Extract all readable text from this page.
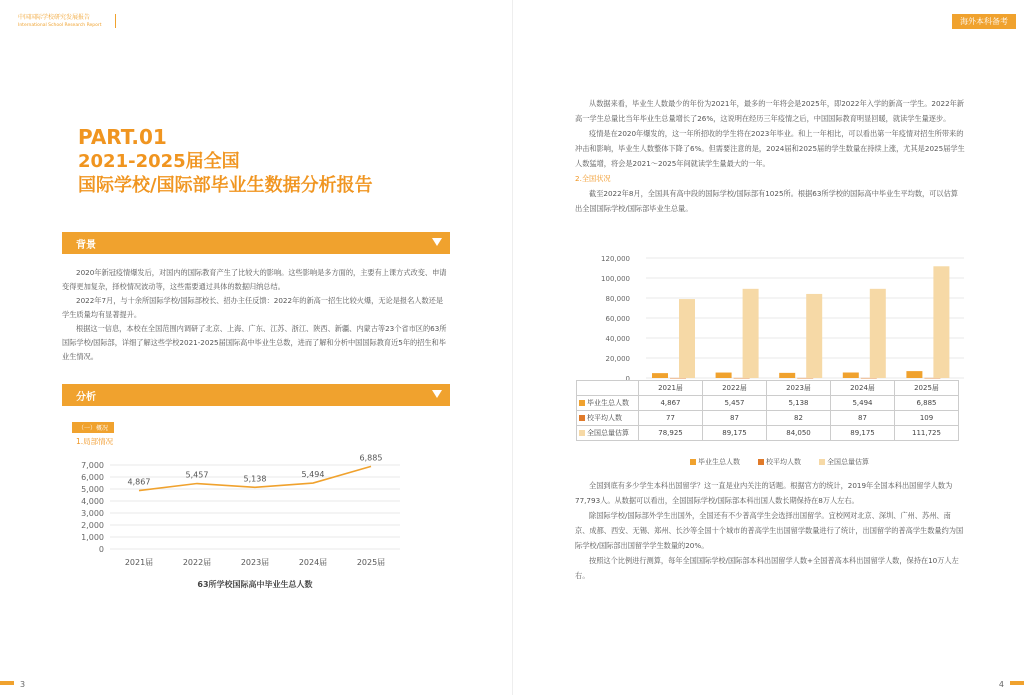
中国国际学校研究发展报告
International School Research Report
PART.01
2021-2025届全国
国际学校/国际部毕业生数据分析报告
背景

2020年新冠疫情爆发后，对国内的国际教育产生了比较大的影响。这些影响是多方面的，主要有上课方式改变、申请变得更加复杂，择校情况波动等，这些需要通过具体的数据归纳总结。

2022年7月，与十余所国际学校/国际部校长、招办主任反馈：2022年的新高一招生比较火爆，无论是报名人数还是学生质量均有显著提升。

根据这一信息，本校在全国范围内调研了北京、上海、广东、江苏、浙江、陕西、新疆、内蒙古等23个省市区的63所国际学校/国际部，详细了解这些学校2021-2025届国际高中毕业生总数，进而了解和分析中国国际教育近5年的招生和毕业生情况。

分析
（一）概况
1.局部情况
0
1,000
2,000
3,000
4,000
5,000
6,000
7,000
4,867
2021届
5,457
2022届
5,138
2023届
5,494
2024届
6,885
2025届
63所学校国际高中毕业生总人数
3
海外本科备考
4

从数据来看，毕业生人数最少的年份为2021年，最多的一年将会是2025年，即2022年入学的新高一学生。2022年新高一学生总量比当年毕业生总量增长了26%，这说明在经历三年疫情之后，中国国际教育明显回暖，就读学生量逐步。

疫情是在2020年爆发的，这一年所招收的学生将在2023年毕业。和上一年相比，可以看出第一年疫情对招生所带来的冲击和影响，毕业生人数整体下降了6%。但需要注意的是，2024届和2025届的学生数量在持续上涨，尤其是2025届学生人数猛增，将会是2021～2025年间就读学生量最大的一年。

2.全国状况

截至2022年8月，全国具有高中段的国际学校/国际部有1025所。根据63所学校的国际高中毕业生平均数，可以估算出全国国际学校/国际部毕业生总量。

0
20,000
40,000
60,000
80,000
100,000
120,000
	2021届	2022届	2023届	2024届	2025届
毕业生总人数	4,867	5,457	5,138	5,494	6,885
校平均人数	77	87	82	87	109
全国总量估算	78,925	89,175	84,050	89,175	111,725
毕业生总人数	校平均人数	全国总量估算

全国到底有多少学生本科出国留学？这一直是业内关注的话题。根据官方的统计，2019年全国本科出国留学人数为77,793人。从数据可以看出，全国国际学校/国际部本科出国人数长期保持在8万人左右。

除国际学校/国际部外学生出国外，全国还有不少普高学生会选择出国留学。宜校网对北京、深圳、广州、苏州、南京、成都、西安、无锡、郑州、长沙等全国十个城市的普高学生出国留学数量进行了统计，出国留学的普高学生数量约为国际学校/国际部出国留学学生数量的20%。

按照这个比例进行测算，每年全国国际学校/国际部本科出国留学人数+全国普高本科出国留学人数，保持在10万人左右。
